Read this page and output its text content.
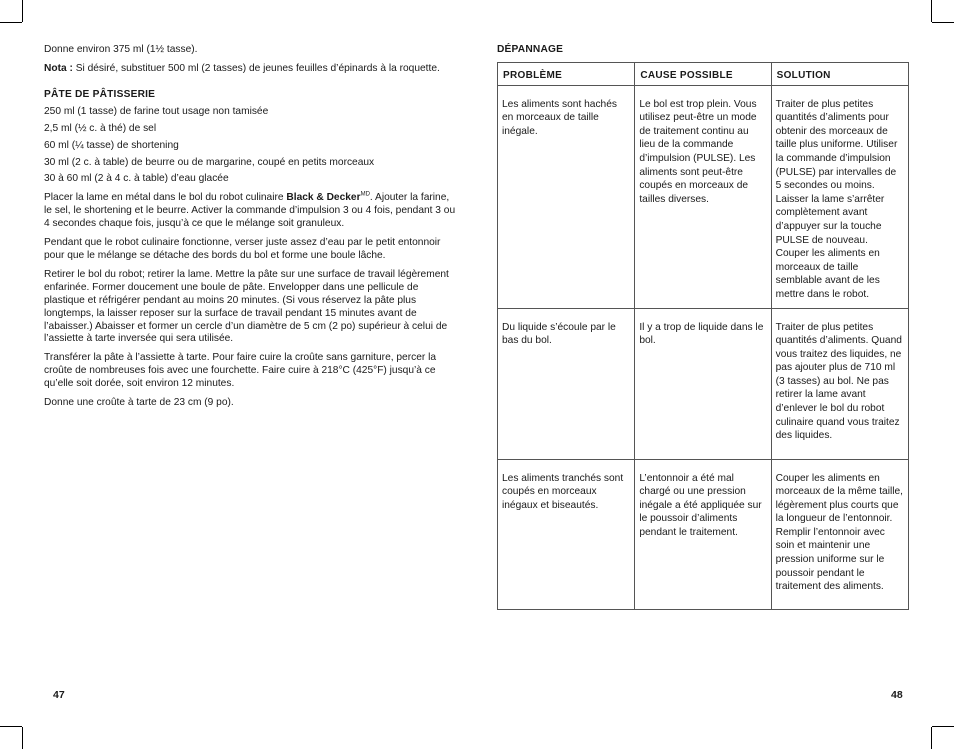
Donne environ 375 ml (1½ tasse).

Nota : Si désiré, substituer 500 ml (2 tasses) de jeunes feuilles d’épinards à la roquette.

PÂTE DE PÂTISSERIE

250 ml (1 tasse) de farine tout usage non tamisée

2,5 ml (½ c. à thé) de sel

60 ml (¼ tasse) de shortening

30 ml (2 c. à table) de beurre ou de margarine, coupé en petits morceaux

30 à 60 ml (2 à 4 c. à table) d’eau glacée

Placer la lame en métal dans le bol du robot culinaire Black & Decker$^{MD}$. Ajouter la farine, le sel, le shortening et le beurre. Activer la commande d’impulsion 3 ou 4 fois, pendant 3 ou 4 secondes chaque fois, jusqu’à ce que le mélange soit granuleux.

Pendant que le robot culinaire fonctionne, verser juste assez d’eau par le petit entonnoir pour que le mélange se détache des bords du bol et forme une boule lâche.

Retirer le bol du robot; retirer la lame. Mettre la pâte sur une surface de travail légèrement enfarinée. Former doucement une boule de pâte. Envelopper dans une pellicule de plastique et réfrigérer pendant au moins 20 minutes. (Si vous réservez la pâte plus longtemps, la laisser reposer sur la surface de travail pendant 15 minutes avant de l’abaisser.) Abaisser et former un cercle d’un diamètre de 5 cm (2 po) supérieur à celui de l’assiette à tarte inversée qui sera utilisée.

Transférer la pâte à l’assiette à tarte. Pour faire cuire la croûte sans garniture, percer la croûte de nombreuses fois avec une fourchette. Faire cuire à 218°C (425°F) jusqu’à ce qu’elle soit dorée, soit environ 12 minutes.

Donne une croûte à tarte de 23 cm (9 po).

47
DÉPANNAGE
PROBLÈME	CAUSE POSSIBLE	SOLUTION
Les aliments sont hachés en morceaux de taille inégale.	Le bol est trop plein. Vous utilisez peut-être un mode de traitement continu au lieu de la commande d’impulsion (PULSE). Les aliments sont peut-être coupés en morceaux de tailles diverses.	Traiter de plus petites quantités d’aliments pour obtenir des morceaux de taille plus uniforme. Utiliser la commande d’impulsion (PULSE) par intervalles de 5 secondes ou moins. Laisser la lame s’arrêter complètement avant d’appuyer sur la touche PULSE de nouveau. Couper les aliments en morceaux de taille semblable avant de les mettre dans le robot.
Du liquide s’écoule par le bas du bol.	Il y a trop de liquide dans le bol.	Traiter de plus petites quantités d’aliments. Quand vous traitez des liquides, ne pas ajouter plus de 710 ml (3 tasses) au bol. Ne pas retirer la lame avant d’enlever le bol du robot culinaire quand vous traitez des liquides.
Les aliments tranchés sont coupés en morceaux inégaux et biseautés.	L’entonnoir a été mal chargé ou une pression inégale a été appliquée sur le poussoir d’aliments pendant le traitement.	Couper les aliments en morceaux de la même taille, légèrement plus courts que la longueur de l’entonnoir. Remplir l’entonnoir avec soin et maintenir une pression uniforme sur le poussoir pendant le traitement des aliments.
48
